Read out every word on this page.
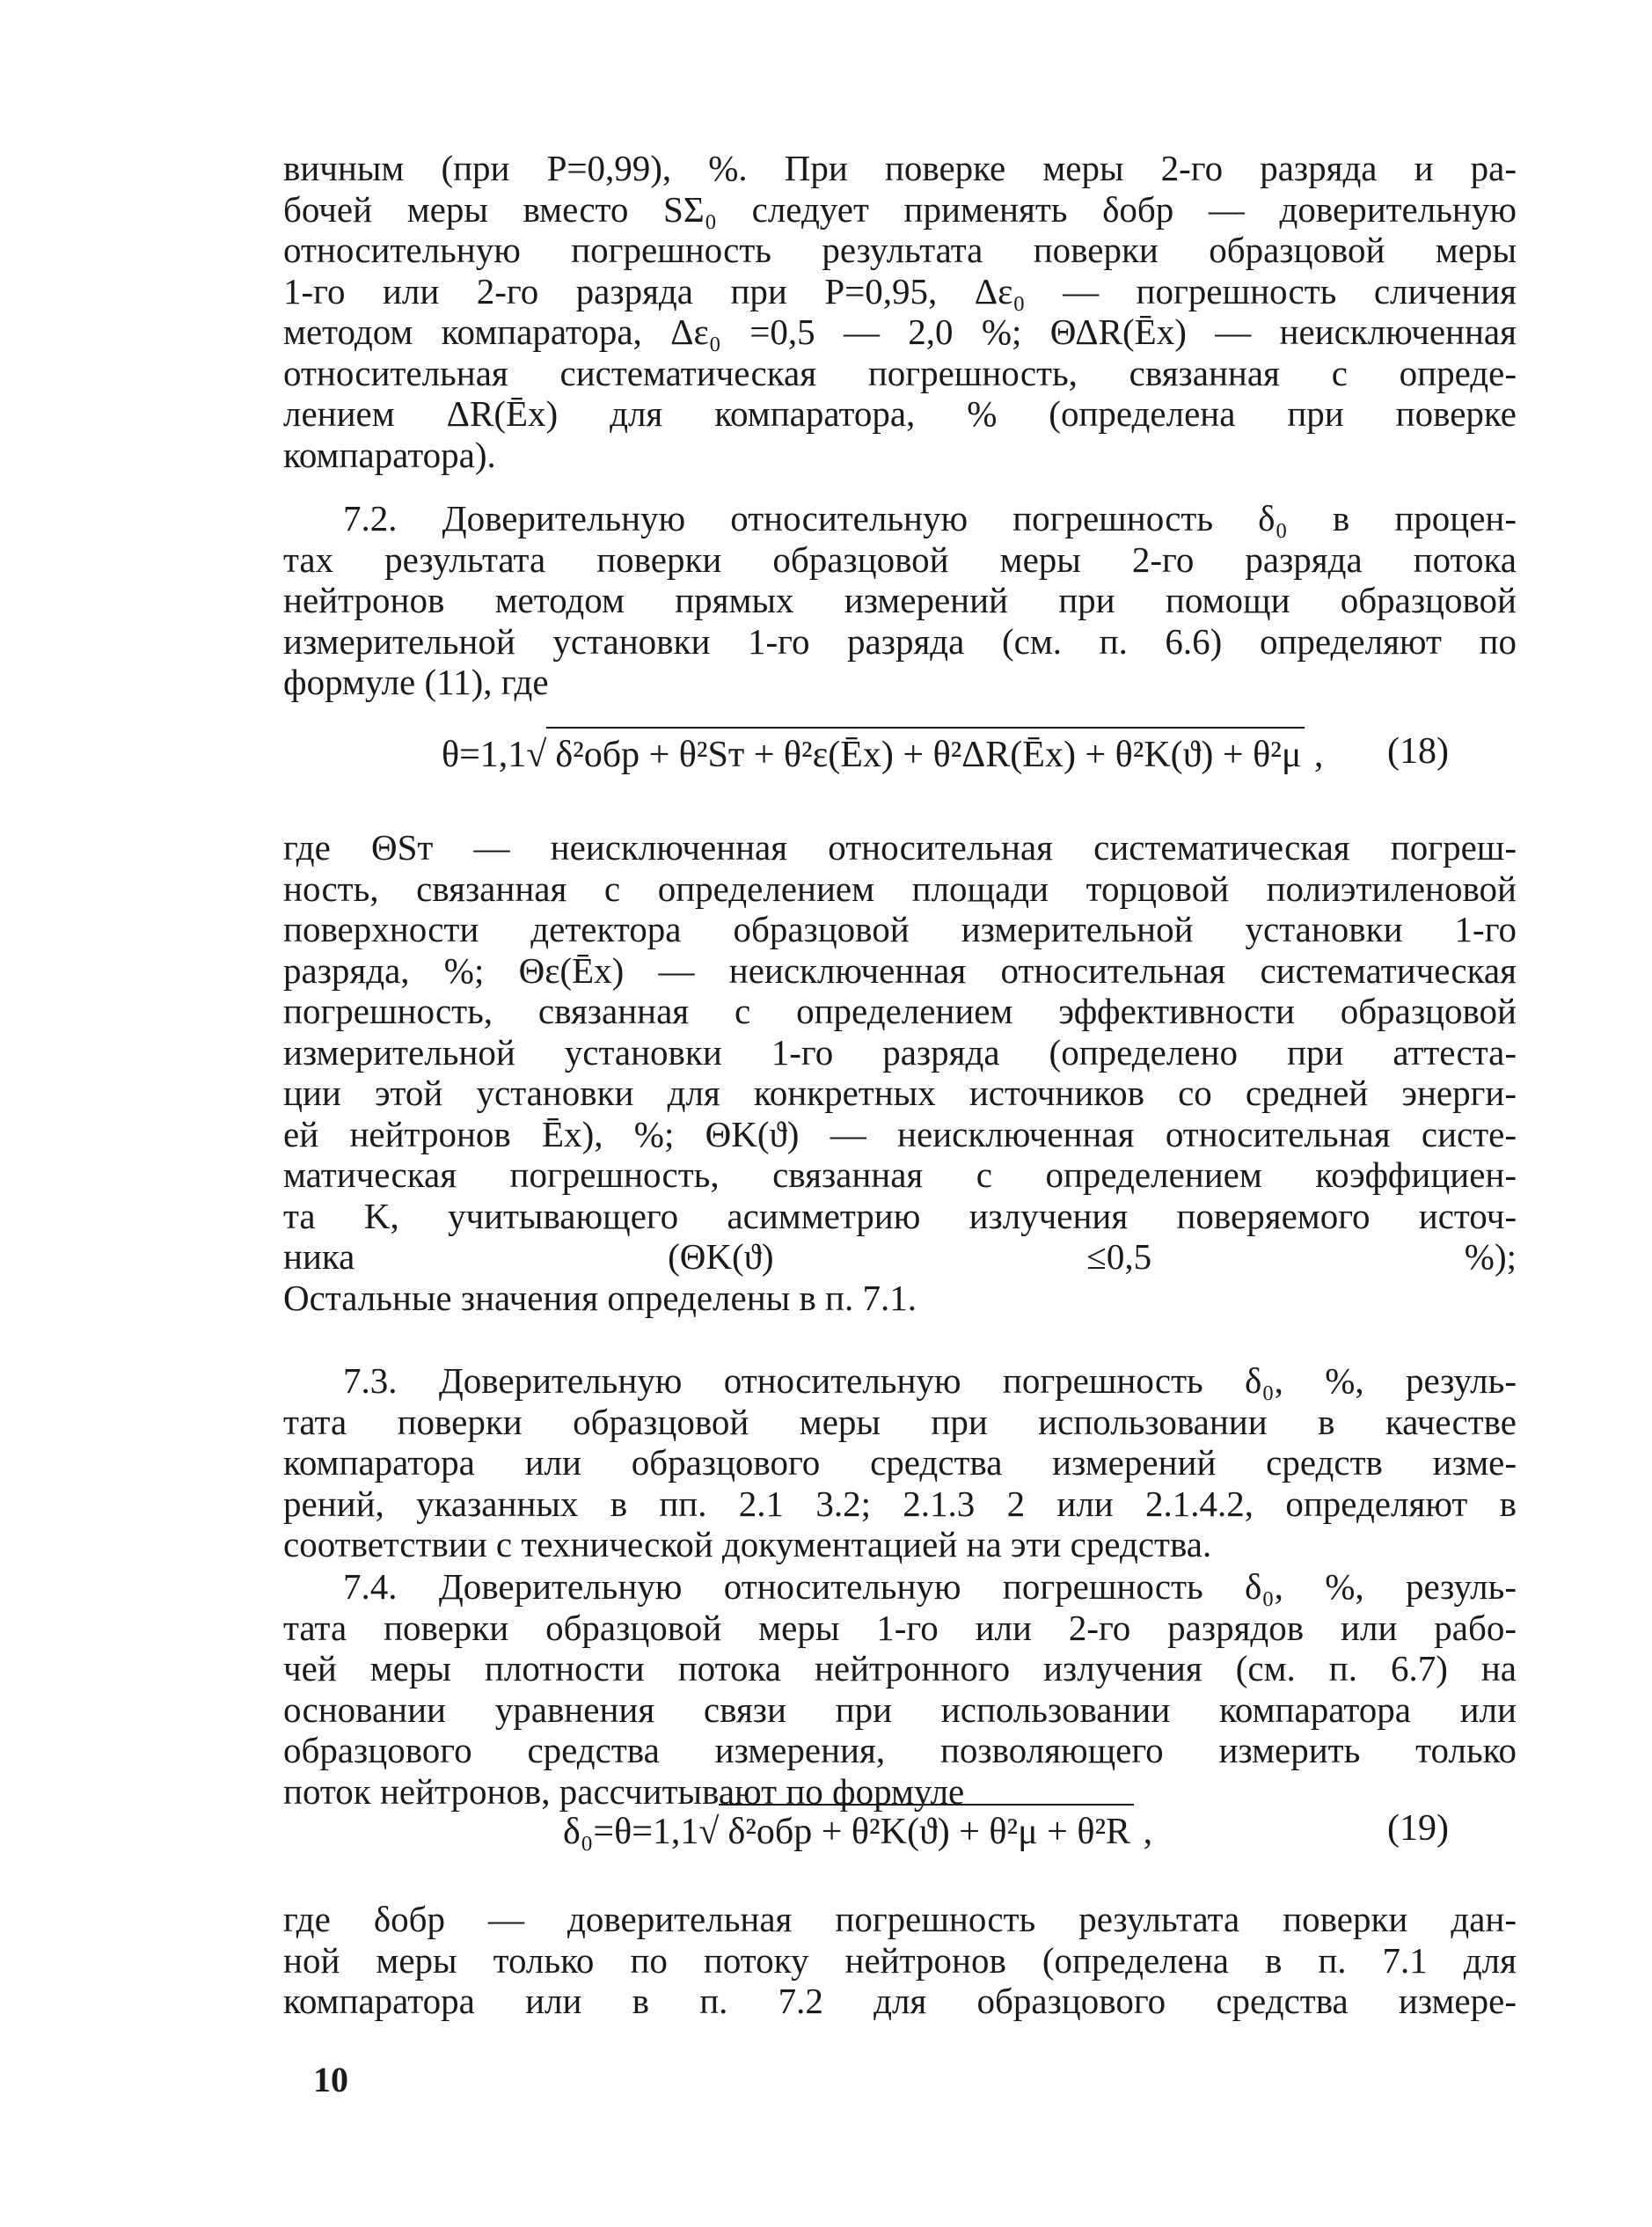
вичным (при P=0,99), %. При поверке меры 2-го разряда и ра-
бочей меры вместо SΣ₀ следует применять δобр — доверительную
относительную погрешность результата поверки образцовой меры
1-го или 2-го разряда при P=0,95, Δε₀ — погрешность сличения
методом компаратора, Δε₀ =0,5 — 2,0 %; ΘΔR(Ēx) — неисключенная
относительная систематическая погрешность, связанная с опреде-
лением ΔR(Ēx) для компаратора, % (определена при поверке
компаратора).
7.2. Доверительную относительную погрешность δ₀ в процен-
тах результата поверки образцовой меры 2-го разряда потока
нейтронов методом прямых измерений при помощи образцовой
измерительной установки 1-го разряда (см. п. 6.6) определяют по
формуле (11), где
θ=1,1√ δ²обр + θ²Sт + θ²ε(Ēx) + θ²ΔR(Ēx) + θ²K(ϑ) + θ²μ , (18)
где ΘSт — неисключенная относительная систематическая погреш-
ность, связанная с определением площади торцовой полиэтиленовой
поверхности детектора образцовой измерительной установки 1-го
разряда, %; Θε(Ēx) — неисключенная относительная систематическая
погрешность, связанная с определением эффективности образцовой
измерительной установки 1-го разряда (определено при аттеста-
ции этой установки для конкретных источников со средней энерги-
ей нейтронов Ēx), %; ΘK(ϑ) — неисключенная относительная систе-
матическая погрешность, связанная с определением коэффициен-
та K, учитывающего асимметрию излучения поверяемого источ-
ника (ΘK(ϑ) ≤0,5 %);
Остальные значения определены в п. 7.1.
7.3. Доверительную относительную погрешность δ₀, %, резуль-
тата поверки образцовой меры при использовании в качестве
компаратора или образцового средства измерений средств изме-
рений, указанных в пп. 2.1 3.2; 2.1.3 2 или 2.1.4.2, определяют в
соответствии с технической документацией на эти средства.
7.4. Доверительную относительную погрешность δ₀, %, резуль-
тата поверки образцовой меры 1-го или 2-го разрядов или рабо-
чей меры плотности потока нейтронного излучения (см. п. 6.7) на
основании уравнения связи при использовании компаратора или
образцового средства измерения, позволяющего измерить только
поток нейтронов, рассчитывают по формуле
δ₀=θ=1,1√ δ²обр + θ²K(ϑ) + θ²μ + θ²R ,	(19)
где δобр — доверительная погрешность результата поверки дан-
ной меры только по потоку нейтронов (определена в п. 7.1 для
компаратора или в п. 7.2 для образцового средства измере-
10
